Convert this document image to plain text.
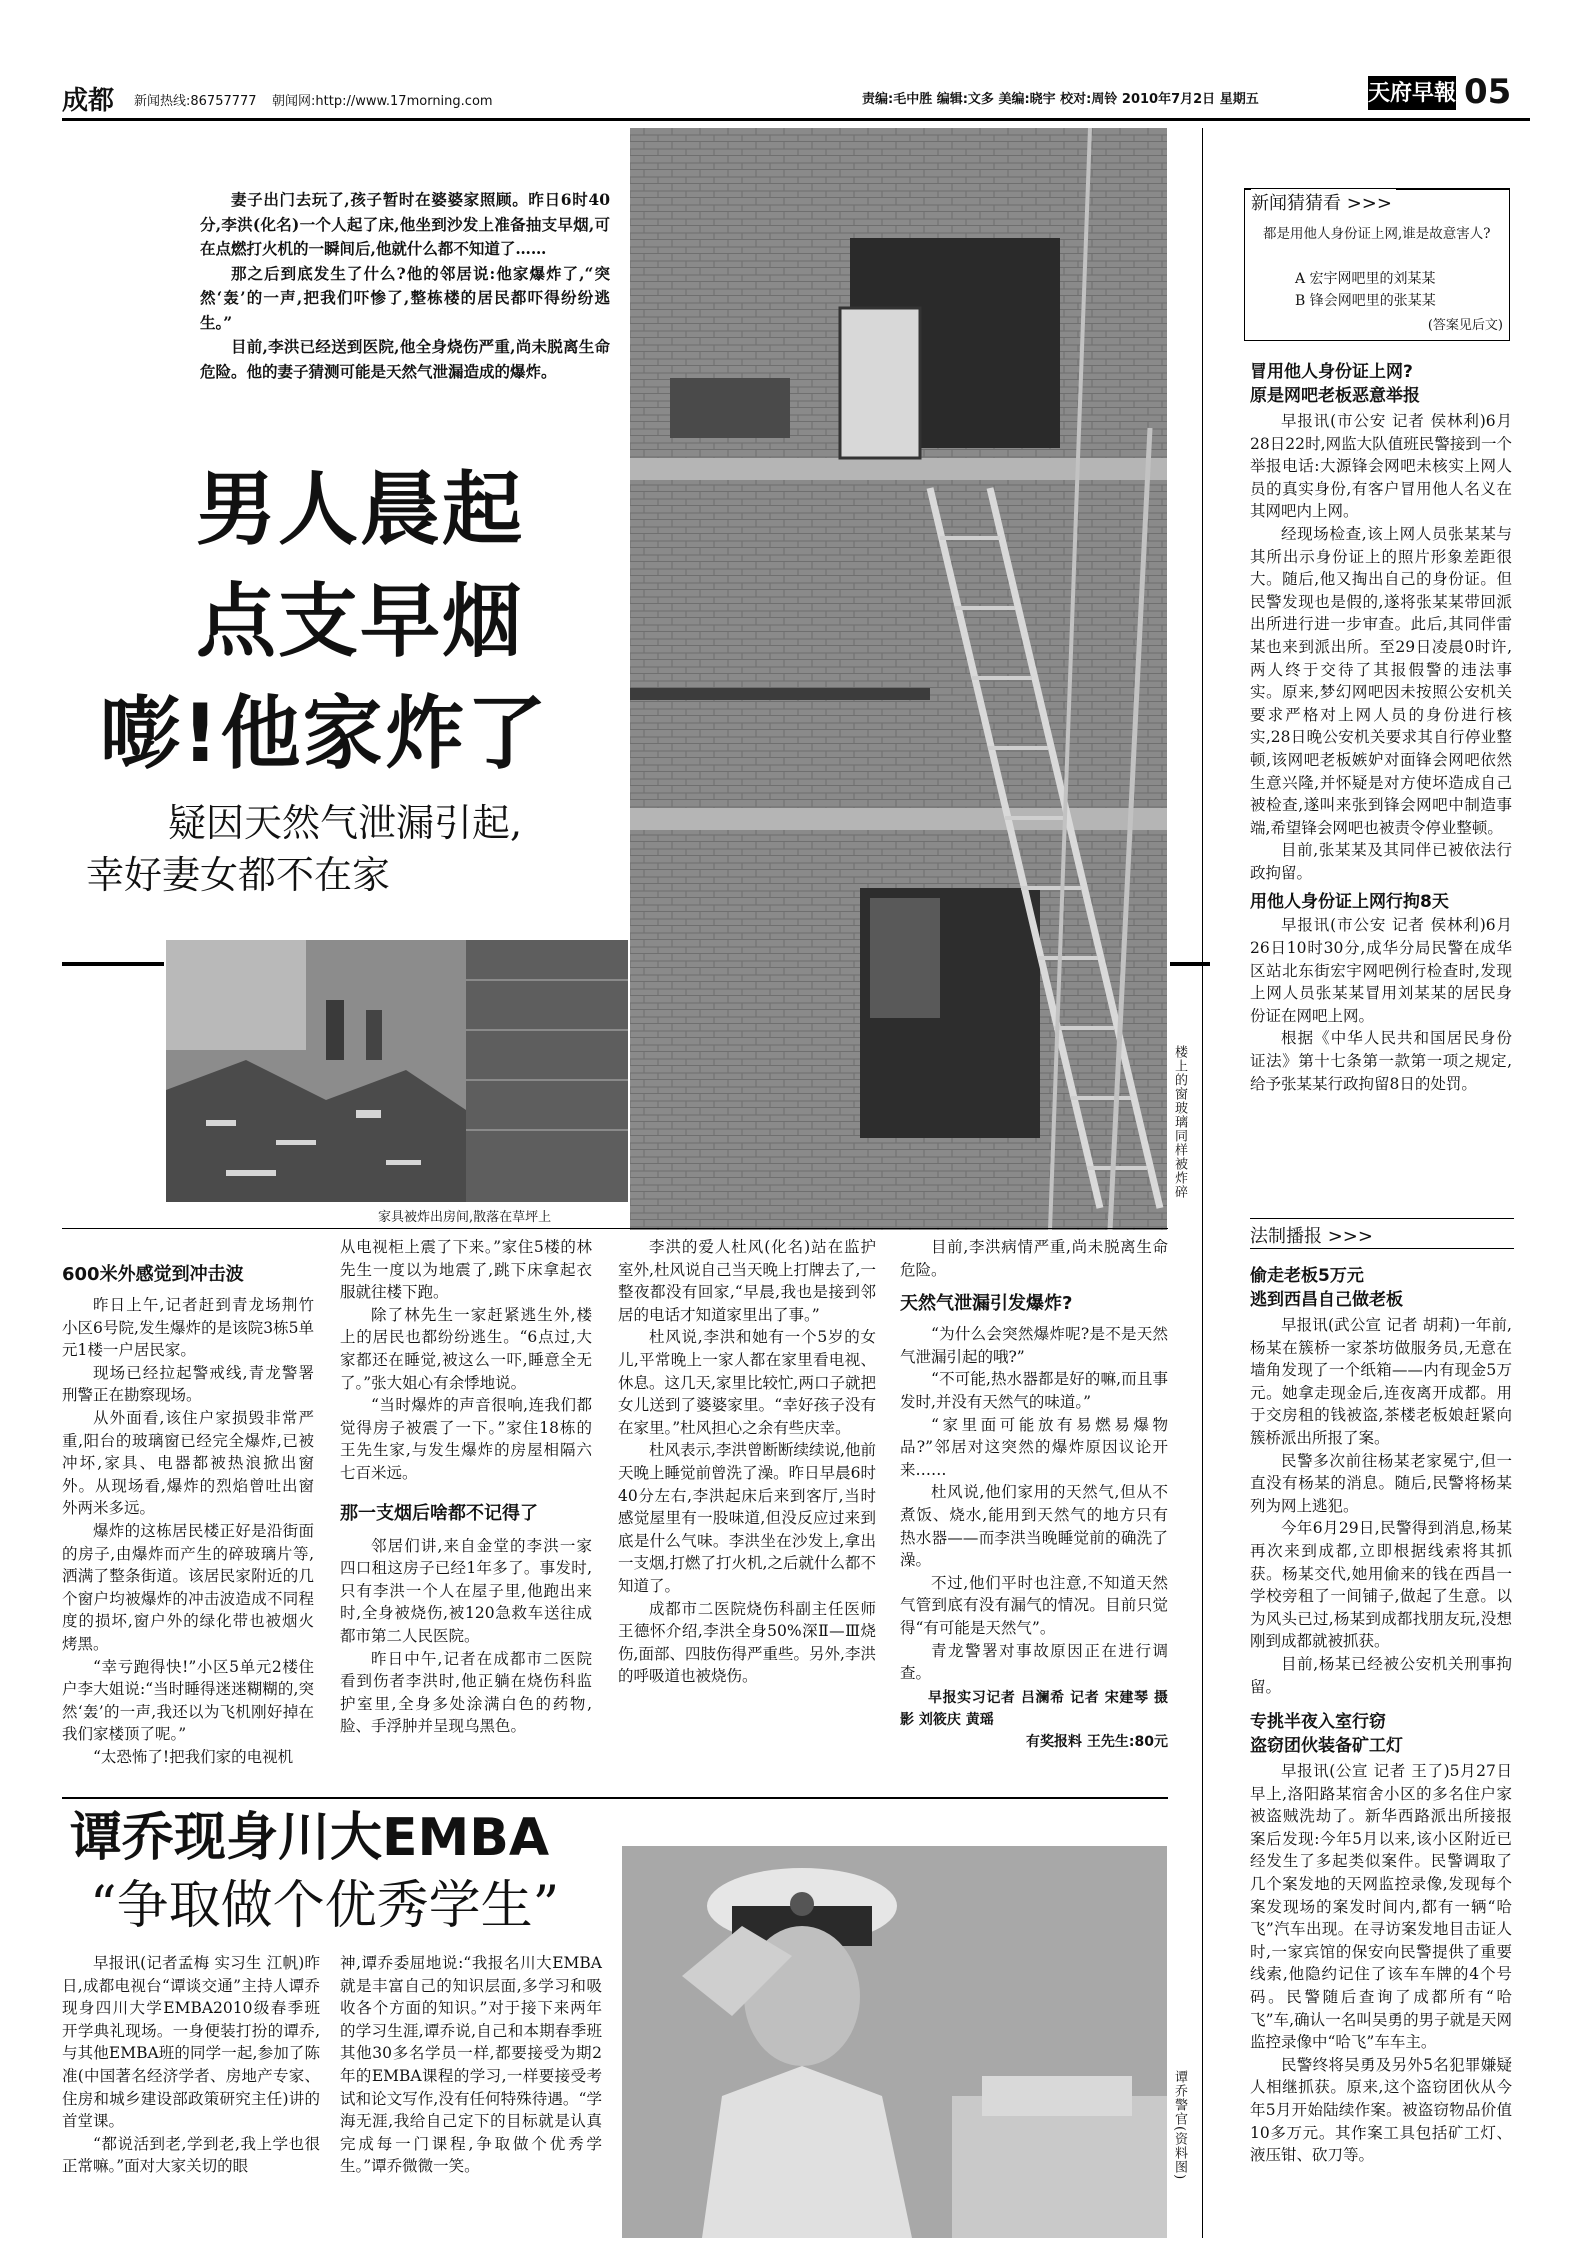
成都 新闻热线:86757777 朝闻网:http://www.17morning.com	责编:毛中胜 编辑:文多 美编:晓宇 校对:周铃 2010年7月2日 星期五	天府早報 05
楼上的窗玻璃同样被炸碎

妻子出门去玩了,孩子暂时在婆婆家照顾。昨日6时40分,李洪(化名)一个人起了床,他坐到沙发上准备抽支早烟,可在点燃打火机的一瞬间后,他就什么都不知道了……

那之后到底发生了什么?他的邻居说:他家爆炸了,“突然‘轰’的一声,把我们吓惨了,整栋楼的居民都吓得纷纷逃生。”

目前,李洪已经送到医院,他全身烧伤严重,尚未脱离生命危险。他的妻子猜测可能是天然气泄漏造成的爆炸。

男人晨起
点支早烟
嘭!他家炸了
疑因天然气泄漏引起,
幸好妻女都不在家
家具被炸出房间,散落在草坪上
600米外感觉到冲击波

昨日上午,记者赶到青龙场荆竹小区6号院,发生爆炸的是该院3栋5单元1楼一户居民家。

现场已经拉起警戒线,青龙警署刑警正在勘察现场。

从外面看,该住户家损毁非常严重,阳台的玻璃窗已经完全爆炸,已被冲坏,家具、电器都被热浪掀出窗外。从现场看,爆炸的烈焰曾吐出窗外两米多远。

爆炸的这栋居民楼正好是沿街面的房子,由爆炸而产生的碎玻璃片等,洒满了整条街道。该居民家附近的几个窗户均被爆炸的冲击波造成不同程度的损坏,窗户外的绿化带也被烟火烤黑。

“幸亏跑得快!”小区5单元2楼住户李大姐说:“当时睡得迷迷糊糊的,突然‘轰’的一声,我还以为飞机刚好掉在我们家楼顶了呢。”

“太恐怖了!把我们家的电视机

从电视柜上震了下来。”家住5楼的林先生一度以为地震了,跳下床拿起衣服就往楼下跑。

除了林先生一家赶紧逃生外,楼上的居民也都纷纷逃生。“6点过,大家都还在睡觉,被这么一吓,睡意全无了。”张大姐心有余悸地说。

“当时爆炸的声音很响,连我们都觉得房子被震了一下。”家住18栋的王先生家,与发生爆炸的房屋相隔六七百米远。

那一支烟后啥都不记得了

邻居们讲,来自金堂的李洪一家四口租这房子已经1年多了。事发时,只有李洪一个人在屋子里,他跑出来时,全身被烧伤,被120急救车送往成都市第二人民医院。

昨日中午,记者在成都市二医院看到伤者李洪时,他正躺在烧伤科监护室里,全身多处涂满白色的药物,脸、手浮肿并呈现乌黑色。

李洪的爱人杜风(化名)站在监护室外,杜风说自己当天晚上打牌去了,一整夜都没有回家,“早晨,我也是接到邻居的电话才知道家里出了事。”

杜风说,李洪和她有一个5岁的女儿,平常晚上一家人都在家里看电视、休息。这几天,家里比较忙,两口子就把女儿送到了婆婆家里。“幸好孩子没有在家里。”杜风担心之余有些庆幸。

杜风表示,李洪曾断断续续说,他前天晚上睡觉前曾洗了澡。昨日早晨6时40分左右,李洪起床后来到客厅,当时感觉屋里有一股味道,但没反应过来到底是什么气味。李洪坐在沙发上,拿出一支烟,打燃了打火机,之后就什么都不知道了。

成都市二医院烧伤科副主任医师王德怀介绍,李洪全身50%深Ⅱ—Ⅲ烧伤,面部、四肢伤得严重些。另外,李洪的呼吸道也被烧伤。

目前,李洪病情严重,尚未脱离生命危险。

天然气泄漏引发爆炸?

“为什么会突然爆炸呢?是不是天然气泄漏引起的哦?”

“不可能,热水器都是好的嘛,而且事发时,并没有天然气的味道。”

“家里面可能放有易燃易爆物品?”邻居对这突然的爆炸原因议论开来……

杜风说,他们家用的天然气,但从不煮饭、烧水,能用到天然气的地方只有热水器——而李洪当晚睡觉前的确洗了澡。

不过,他们平时也注意,不知道天然气管到底有没有漏气的情况。目前只觉得“有可能是天然气”。

青龙警署对事故原因正在进行调查。

早报实习记者 吕澜希 记者 宋建琴 摄影 刘筱庆 黄瑶
有奖报料 王先生:80元
谭乔现身川大EMBA
“争取做个优秀学生”

早报讯(记者孟梅 实习生 江帆)昨日,成都电视台“谭谈交通”主持人谭乔现身四川大学EMBA2010级春季班开学典礼现场。一身便装打扮的谭乔,与其他EMBA班的同学一起,参加了陈准(中国著名经济学者、房地产专家、住房和城乡建设部政策研究主任)讲的首堂课。

“都说活到老,学到老,我上学也很正常嘛。”面对大家关切的眼

神,谭乔委屈地说:“我报名川大EMBA就是丰富自己的知识层面,多学习和吸收各个方面的知识。”对于接下来两年的学习生涯,谭乔说,自己和本期春季班其他30多名学员一样,都要接受为期2年的EMBA课程的学习,一样要接受考试和论文写作,没有任何特殊待遇。“学海无涯,我给自己定下的目标就是认真完成每一门课程,争取做个优秀学生。”谭乔微微一笑。	谭乔警官(资料图)
新闻猜猜看 >>>
都是用他人身份证上网,谁是故意害人?
A 宏宇网吧里的刘某某
B 锋会网吧里的张某某
(答案见后文)
冒用他人身份证上网?
原是网吧老板恶意举报

早报讯(市公安 记者 侯林利)6月28日22时,网监大队值班民警接到一个举报电话:大源锋会网吧未核实上网人员的真实身份,有客户冒用他人名义在其网吧内上网。

经现场检查,该上网人员张某某与其所出示身份证上的照片形象差距很大。随后,他又掏出自己的身份证。但民警发现也是假的,遂将张某某带回派出所进行进一步审查。此后,其同伴雷某也来到派出所。至29日凌晨0时许,两人终于交待了其报假警的违法事实。原来,梦幻网吧因未按照公安机关要求严格对上网人员的身份进行核实,28日晚公安机关要求其自行停业整顿,该网吧老板嫉妒对面锋会网吧依然生意兴隆,并怀疑是对方使坏造成自己被检查,遂叫来张到锋会网吧中制造事端,希望锋会网吧也被责令停业整顿。

目前,张某某及其同伴已被依法行政拘留。

用他人身份证上网行拘8天

早报讯(市公安 记者 侯林利)6月26日10时30分,成华分局民警在成华区站北东街宏宇网吧例行检查时,发现上网人员张某某冒用刘某某的居民身份证在网吧上网。

根据《中华人民共和国居民身份证法》第十七条第一款第一项之规定,给予张某某行政拘留8日的处罚。

法制播报 >>>
偷走老板5万元
逃到西昌自己做老板

早报讯(武公宣 记者 胡莉)一年前,杨某在簇桥一家茶坊做服务员,无意在墙角发现了一个纸箱——内有现金5万元。她拿走现金后,连夜离开成都。用于交房租的钱被盗,茶楼老板娘赶紧向簇桥派出所报了案。

民警多次前往杨某老家冕宁,但一直没有杨某的消息。随后,民警将杨某列为网上逃犯。

今年6月29日,民警得到消息,杨某再次来到成都,立即根据线索将其抓获。杨某交代,她用偷来的钱在西昌一学校旁租了一间铺子,做起了生意。以为风头已过,杨某到成都找朋友玩,没想刚到成都就被抓获。

目前,杨某已经被公安机关刑事拘留。

专挑半夜入室行窃
盗窃团伙装备矿工灯

早报讯(公宣 记者 王了)5月27日早上,洛阳路某宿舍小区的多名住户家被盗贼洗劫了。新华西路派出所接报案后发现:今年5月以来,该小区附近已经发生了多起类似案件。民警调取了几个案发地的天网监控录像,发现每个案发现场的案发时间内,都有一辆“哈飞”汽车出现。在寻访案发地目击证人时,一家宾馆的保安向民警提供了重要线索,他隐约记住了该车车牌的4个号码。民警随后查询了成都所有“哈飞”车,确认一名叫吴勇的男子就是天网监控录像中“哈飞”车车主。

民警终将吴勇及另外5名犯罪嫌疑人相继抓获。原来,这个盗窃团伙从今年5月开始陆续作案。被盗窃物品价值10多万元。其作案工具包括矿工灯、液压钳、砍刀等。
